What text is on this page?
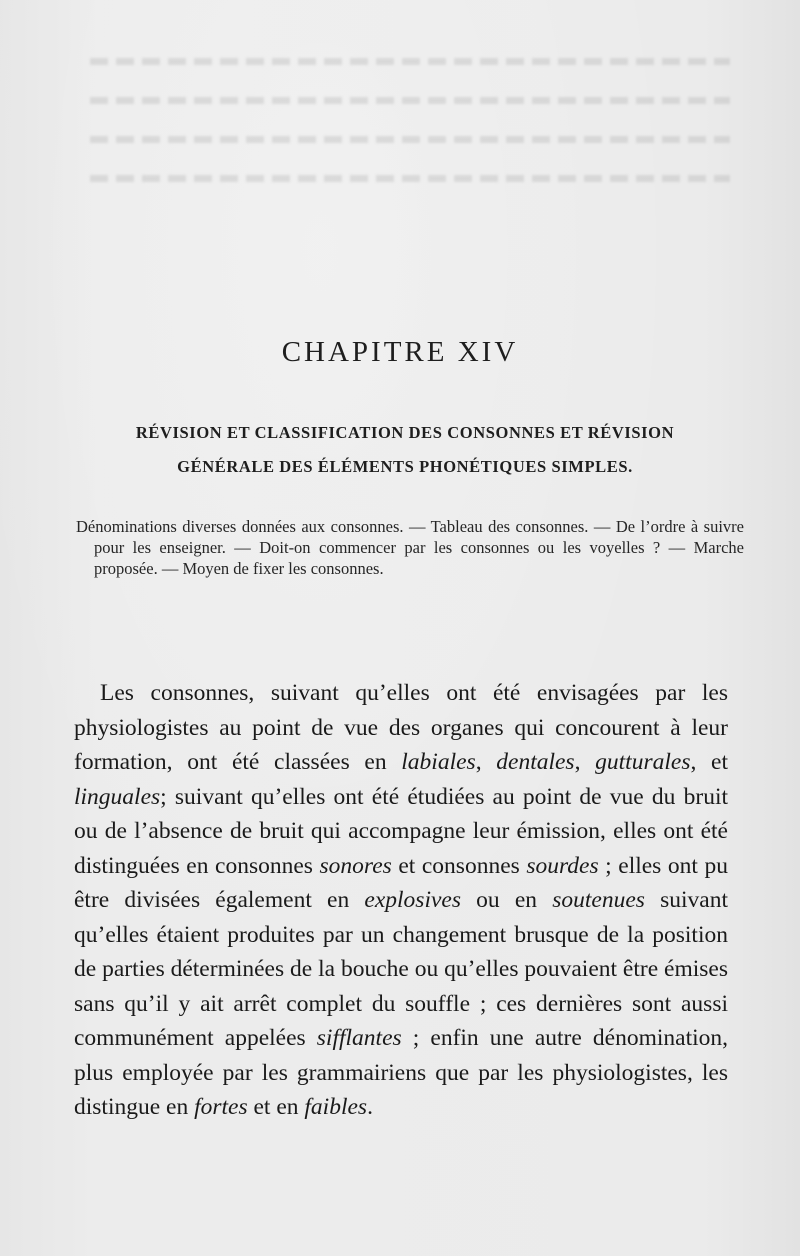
CHAPITRE XIV

RÉVISION ET CLASSIFICATION DES CONSONNES ET RÉVISION GÉNÉRALE DES ÉLÉMENTS PHONÉTIQUES SIMPLES.

Dénominations diverses données aux consonnes. — Tableau des consonnes. — De l’ordre à suivre pour les enseigner. — Doit-on commencer par les consonnes ou les voyelles ? — Marche proposée. — Moyen de fixer les consonnes.

Les consonnes, suivant qu’elles ont été envisagées par les physiologistes au point de vue des organes qui concourent à leur formation, ont été classées en labiales, dentales, gutturales, et linguales; suivant qu’elles ont été étudiées au point de vue du bruit ou de l’absence de bruit qui accompagne leur émission, elles ont été distinguées en consonnes sonores et consonnes sourdes ; elles ont pu être divisées également en explosives ou en soutenues suivant qu’elles étaient produites par un changement brusque de la position de parties déterminées de la bouche ou qu’elles pouvaient être émises sans qu’il y ait arrêt complet du souffle ; ces dernières sont aussi communément appelées sifflantes ; enfin une autre dénomination, plus employée par les grammairiens que par les physiologistes, les distingue en fortes et en faibles.
